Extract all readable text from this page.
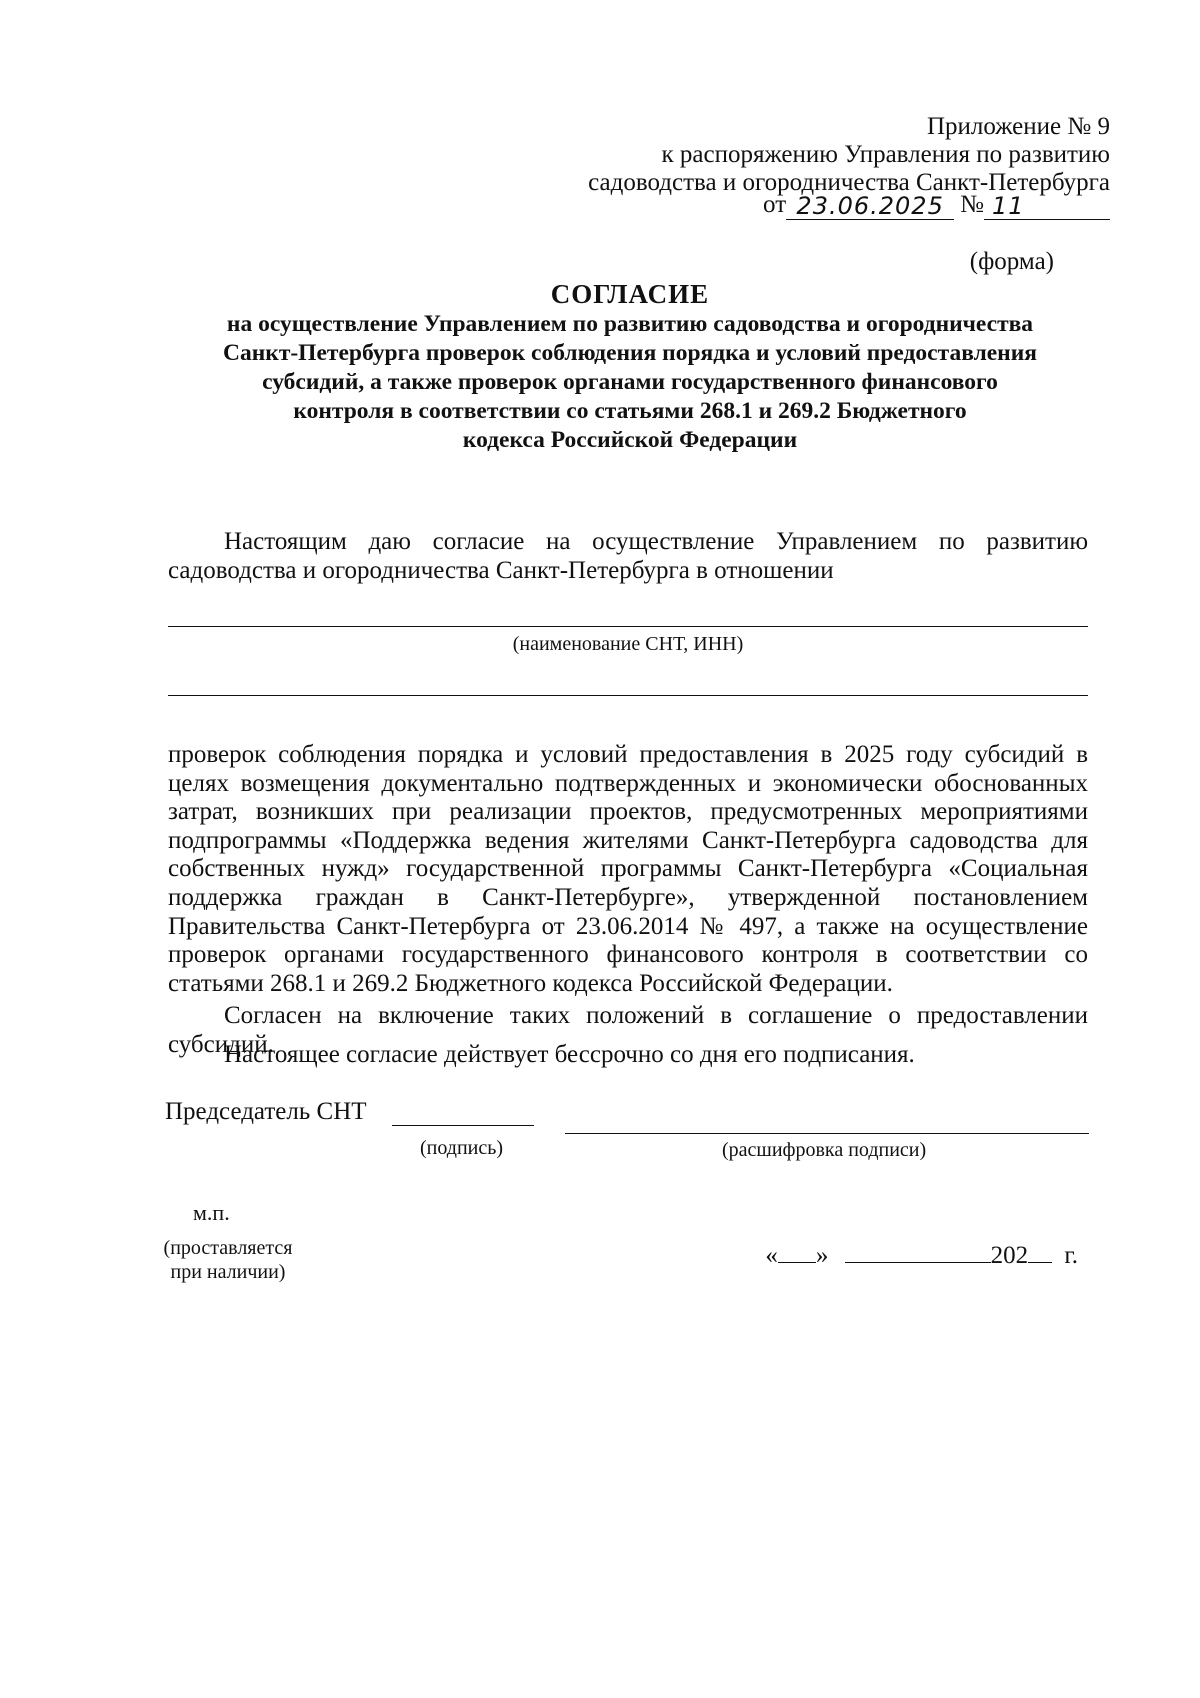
Приложение № 9
к распоряжению Управления по развитию
садоводства и огородничества Санкт-Петербурга
от 23.06.2025 № 11
(форма)
СОГЛАСИЕ
на осуществление Управлением по развитию садоводства и огородничества
Санкт-Петербурга проверок соблюдения порядка и условий предоставления
субсидий, а также проверок органами государственного финансового
контроля в соответствии со статьями 268.1 и 269.2 Бюджетного
кодекса Российской Федерации
Настоящим даю согласие на осуществление Управлением по развитию садоводства и огородничества Санкт-Петербурга в отношении
(наименование СНТ, ИНН)
проверок соблюдения порядка и условий предоставления в 2025 году субсидий в целях возмещения документально подтвержденных и экономически обоснованных затрат, возникших при реализации проектов, предусмотренных мероприятиями подпрограммы «Поддержка ведения жителями Санкт-Петербурга садоводства для собственных нужд» государственной программы Санкт-Петербурга «Социальная поддержка граждан в Санкт-Петербурге», утвержденной постановлением Правительства Санкт-Петербурга от 23.06.2014 № 497, а также на осуществление проверок органами государственного финансового контроля в соответствии со статьями 268.1 и 269.2 Бюджетного кодекса Российской Федерации.
Согласен на включение таких положений в соглашение о предоставлении субсидий.
Настоящее согласие действует бессрочно со дня его подписания.
Председатель СНТ
(подпись)	(расшифровка подписи)
м.п.
(проставляется
при наличии)
« »	202 г.
